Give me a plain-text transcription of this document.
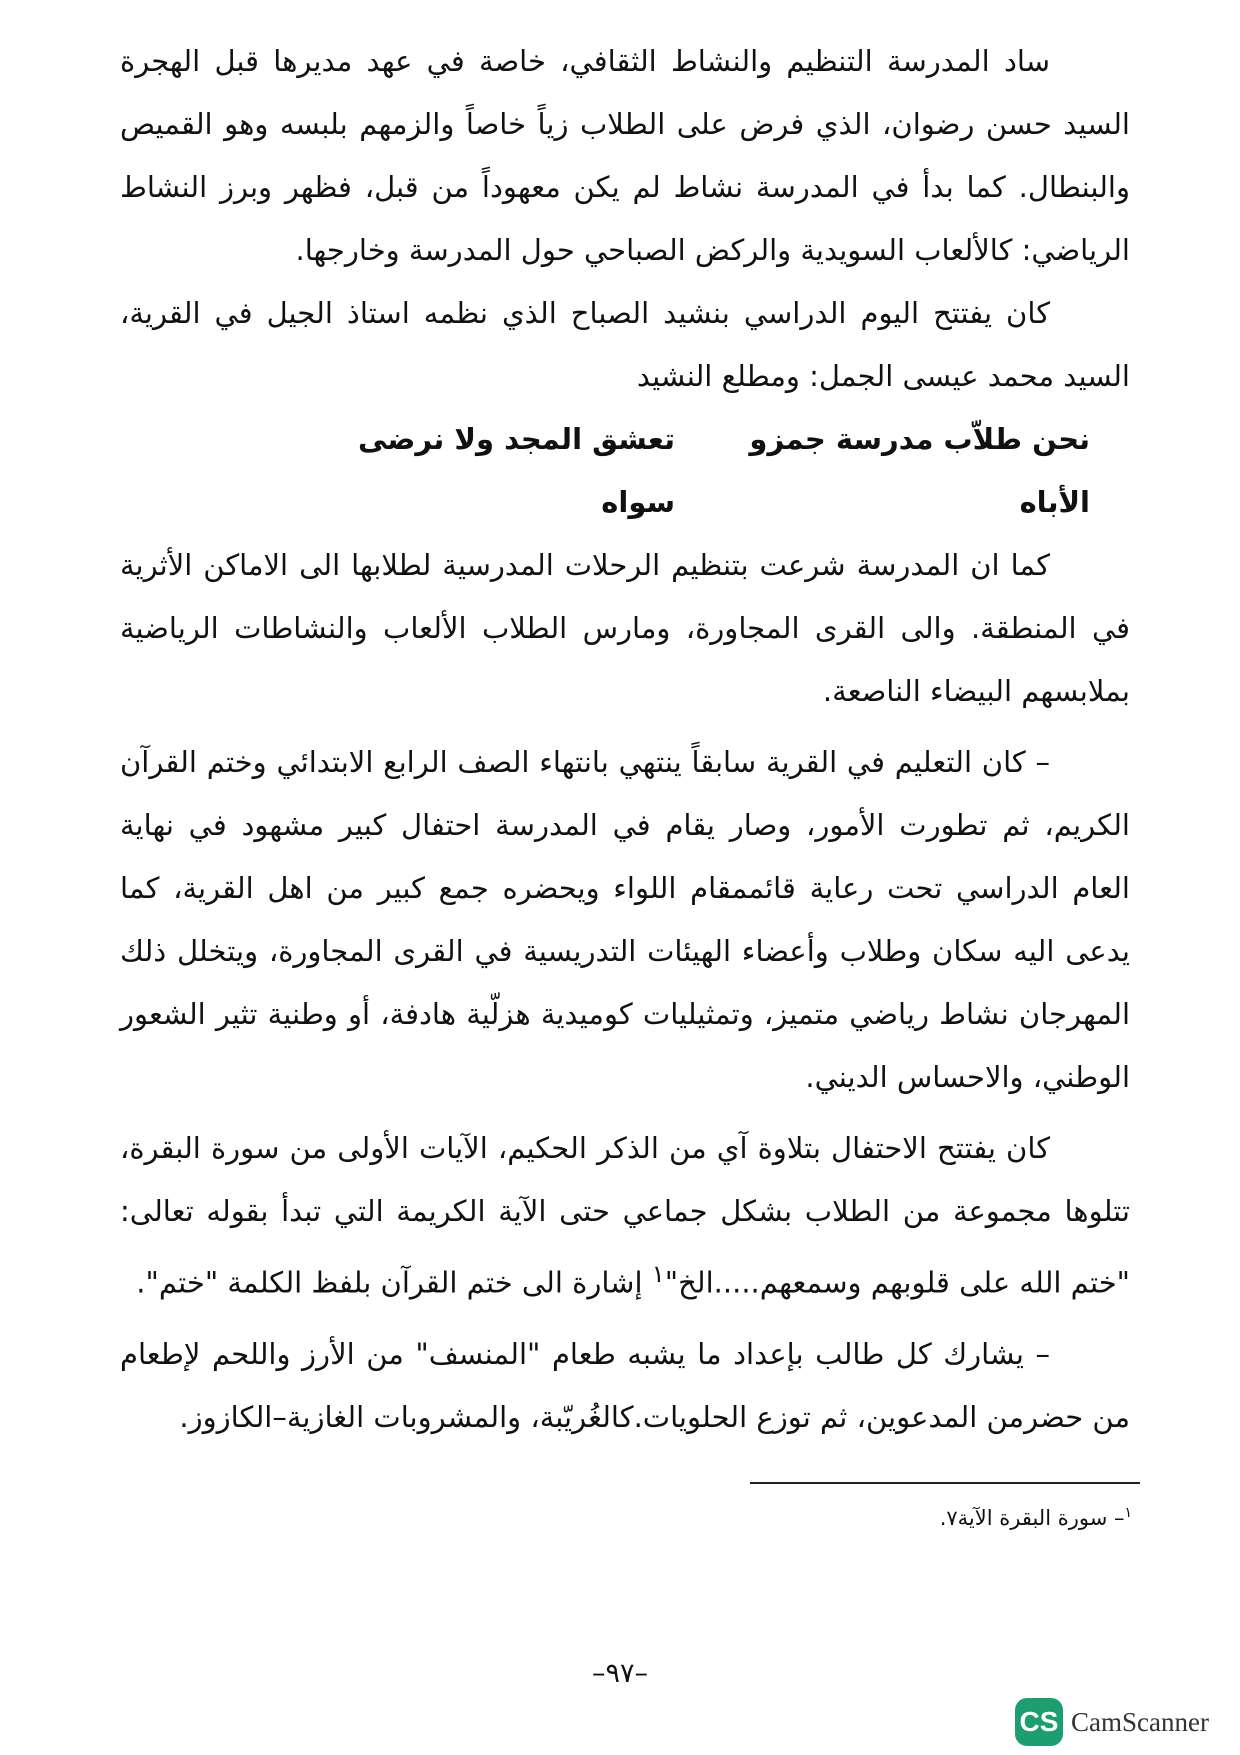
ساد المدرسة التنظيم والنشاط الثقافي، خاصة في عهد مديرها قبل الهجرة السيد حسن رضوان، الذي فرض على الطلاب زياً خاصاً والزمهم بلبسه وهو القميص والبنطال. كما بدأ في المدرسة نشاط لم يكن معهوداً من قبل، فظهر وبرز النشاط الرياضي: كالألعاب السويدية والركض الصباحي حول المدرسة وخارجها.

كان يفتتح اليوم الدراسي بنشيد الصباح الذي نظمه استاذ الجيل في القرية، السيد محمد عيسى الجمل: ومطلع النشيد

نحن طلاّب مدرسة جمزو الأباه
تعشق المجد ولا نرضى سواه

كما ان المدرسة شرعت بتنظيم الرحلات المدرسية لطلابها الى الاماكن الأثرية في المنطقة. والى القرى المجاورة، ومارس الطلاب الألعاب والنشاطات الرياضية بملابسهم البيضاء الناصعة.

– كان التعليم في القرية سابقاً ينتهي بانتهاء الصف الرابع الابتدائي وختم القرآن الكريم، ثم تطورت الأمور، وصار يقام في المدرسة احتفال كبير مشهود في نهاية العام الدراسي تحت رعاية قائممقام اللواء ويحضره جمع كبير من اهل القرية، كما يدعى اليه سكان وطلاب وأعضاء الهيئات التدريسية في القرى المجاورة، ويتخلل ذلك المهرجان نشاط رياضي متميز، وتمثيليات كوميدية هزلّية هادفة، أو وطنية تثير الشعور الوطني، والاحساس الديني.

كان يفتتح الاحتفال بتلاوة آي من الذكر الحكيم، الآيات الأولى من سورة البقرة، تتلوها مجموعة من الطلاب بشكل جماعي حتى الآية الكريمة التي تبدأ بقوله تعالى: "ختم الله على قلوبهم وسمعهم.....الخ"$^١$ إشارة الى ختم القرآن بلفظ الكلمة "ختم".

– يشارك كل طالب بإعداد ما يشبه طعام "المنسف" من الأرز واللحم لإطعام من حضرمن المدعوين، ثم توزع الحلويات.كالغُريّبة، والمشروبات الغازية–الكازوز.

$^١$– سورة البقرة الآية٧.
–٩٧–
CS CamScanner
